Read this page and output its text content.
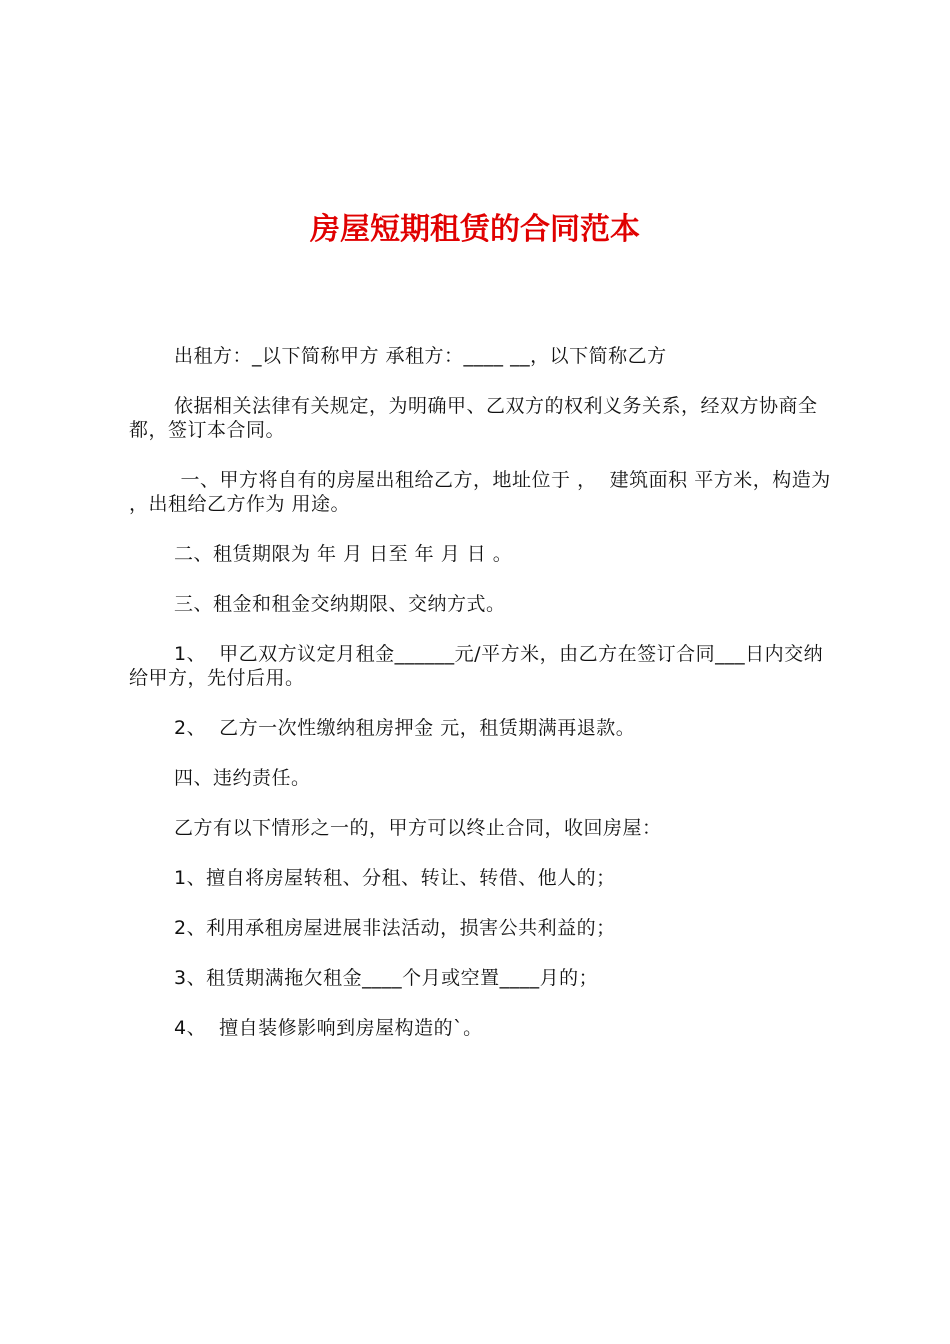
房屋短期租赁的合同范本

出租方：_以下简称甲方 承租方：____ __，以下简称乙方

依据相关法律有关规定，为明确甲、乙双方的权利义务关系，经双方协商全都，签订本合同。

一、甲方将自有的房屋出租给乙方，地址位于 ，  建筑面积 平方米，构造为 ，出租给乙方作为 用途。

二、租赁期限为 年 月 日至 年 月 日 。

三、租金和租金交纳期限、交纳方式。

1、  甲乙双方议定月租金______元/平方米，由乙方在签订合同___日内交纳给甲方，先付后用。

2、  乙方一次性缴纳租房押金 元，租赁期满再退款。

四、违约责任。

乙方有以下情形之一的，甲方可以终止合同，收回房屋：

1、擅自将房屋转租、分租、转让、转借、他人的；

2、利用承租房屋进展非法活动，损害公共利益的；

3、租赁期满拖欠租金____个月或空置____月的；

4、  擅自装修影响到房屋构造的`。
